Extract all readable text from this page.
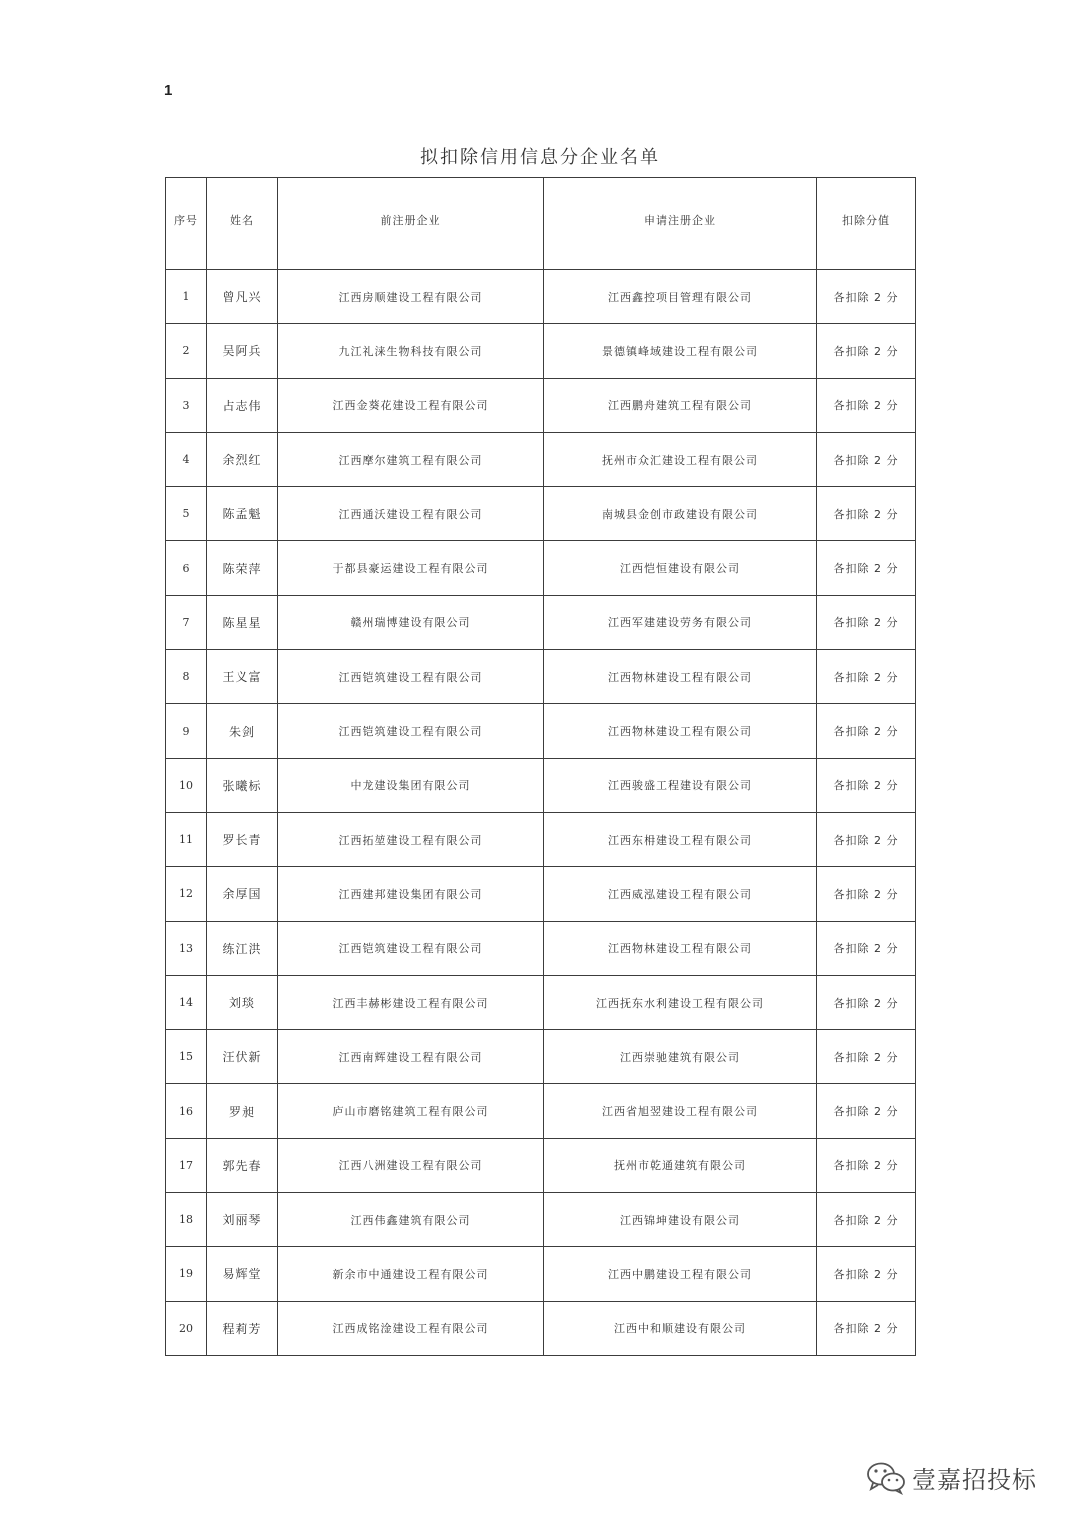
1
拟扣除信用信息分企业名单
序号	姓名	前注册企业	申请注册企业	扣除分值
1	曾凡兴	江西房顺建设工程有限公司	江西鑫控项目管理有限公司	各扣除 2 分
2	吴阿兵	九江礼涞生物科技有限公司	景德镇峰域建设工程有限公司	各扣除 2 分
3	占志伟	江西金葵花建设工程有限公司	江西鹏舟建筑工程有限公司	各扣除 2 分
4	余烈红	江西摩尔建筑工程有限公司	抚州市众汇建设工程有限公司	各扣除 2 分
5	陈孟魁	江西通沃建设工程有限公司	南城县金创市政建设有限公司	各扣除 2 分
6	陈荣萍	于都县豪运建设工程有限公司	江西恺恒建设有限公司	各扣除 2 分
7	陈星星	赣州瑞博建设有限公司	江西军建建设劳务有限公司	各扣除 2 分
8	王义富	江西铠筑建设工程有限公司	江西物林建设工程有限公司	各扣除 2 分
9	朱剑	江西铠筑建设工程有限公司	江西物林建设工程有限公司	各扣除 2 分
10	张曦标	中龙建设集团有限公司	江西骏盛工程建设有限公司	各扣除 2 分
11	罗长青	江西拓堃建设工程有限公司	江西东枏建设工程有限公司	各扣除 2 分
12	余厚国	江西建邦建设集团有限公司	江西威泓建设工程有限公司	各扣除 2 分
13	练江洪	江西铠筑建设工程有限公司	江西物林建设工程有限公司	各扣除 2 分
14	刘琰	江西丰赫彬建设工程有限公司	江西抚东水利建设工程有限公司	各扣除 2 分
15	汪伏新	江西南辉建设工程有限公司	江西崇驰建筑有限公司	各扣除 2 分
16	罗昶	庐山市磨铭建筑工程有限公司	江西省旭翌建设工程有限公司	各扣除 2 分
17	郭先春	江西八洲建设工程有限公司	抚州市乾通建筑有限公司	各扣除 2 分
18	刘丽琴	江西伟鑫建筑有限公司	江西锦坤建设有限公司	各扣除 2 分
19	易辉堂	新余市中通建设工程有限公司	江西中鹏建设工程有限公司	各扣除 2 分
20	程莉芳	江西成铭淦建设工程有限公司	江西中和顺建设有限公司	各扣除 2 分
壹嘉招投标
